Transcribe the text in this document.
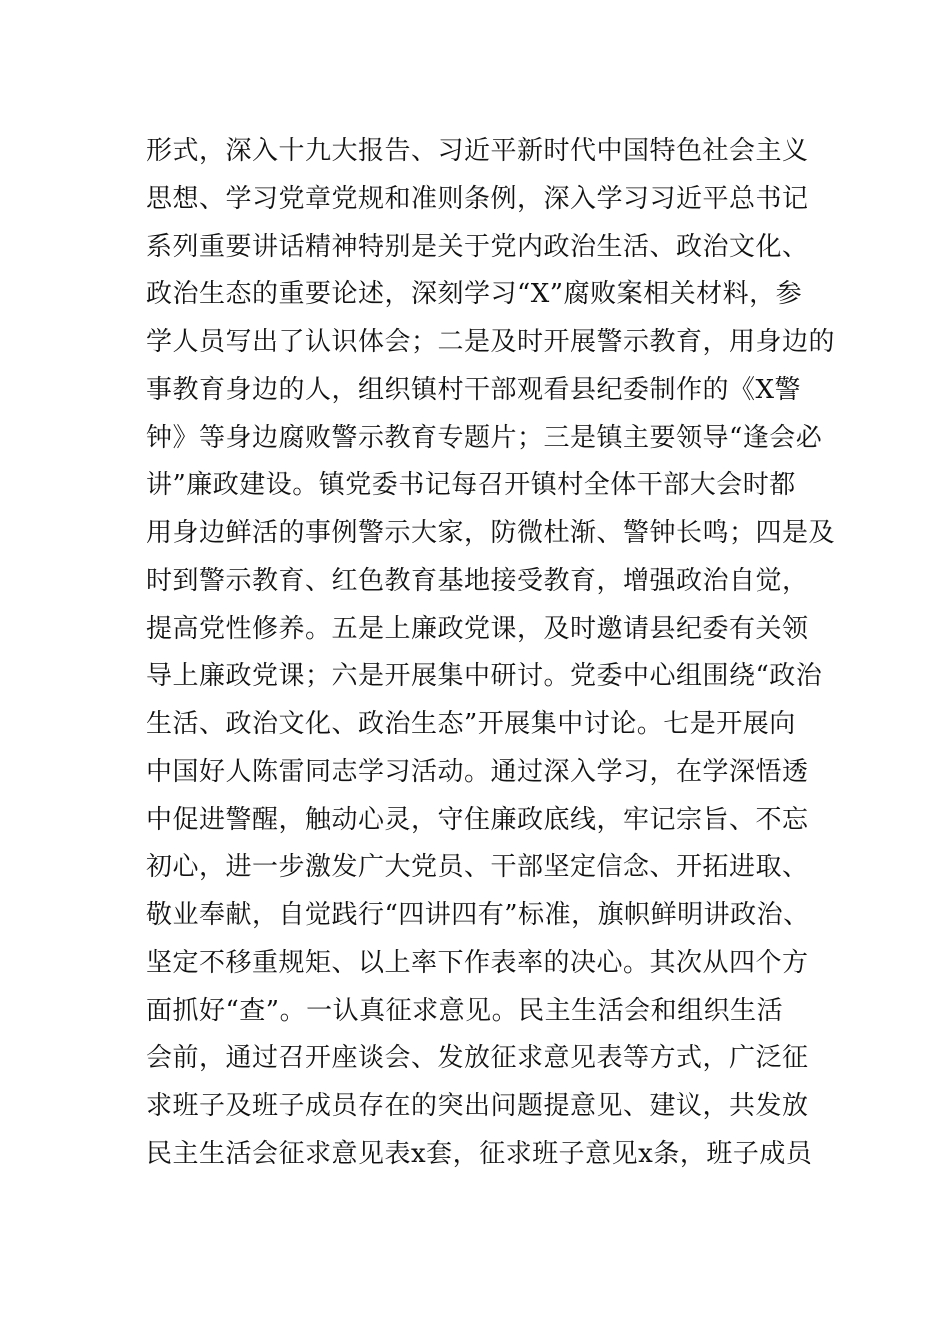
形式，深入十九大报告、习近平新时代中国特色社会主义
思想、学习党章党规和准则条例，深入学习习近平总书记
系列重要讲话精神特别是关于党内政治生活、政治文化、
政治生态的重要论述，深刻学习“X”腐败案相关材料，参
学人员写出了认识体会；二是及时开展警示教育，用身边的
事教育身边的人，组织镇村干部观看县纪委制作的《X警
钟》等身边腐败警示教育专题片；三是镇主要领导“逢会必
讲”廉政建设。镇党委书记每召开镇村全体干部大会时都
用身边鲜活的事例警示大家，防微杜渐、警钟长鸣；四是及
时到警示教育、红色教育基地接受教育，增强政治自觉，
提高党性修养。五是上廉政党课，及时邀请县纪委有关领
导上廉政党课；六是开展集中研讨。党委中心组围绕“政治
生活、政治文化、政治生态”开展集中讨论。七是开展向
中国好人陈雷同志学习活动。通过深入学习，在学深悟透
中促进警醒，触动心灵，守住廉政底线，牢记宗旨、不忘
初心，进一步激发广大党员、干部坚定信念、开拓进取、
敬业奉献，自觉践行“四讲四有”标准，旗帜鲜明讲政治、
坚定不移重规矩、以上率下作表率的决心。其次从四个方
面抓好“查”。一认真征求意见。民主生活会和组织生活
会前，通过召开座谈会、发放征求意见表等方式，广泛征
求班子及班子成员存在的突出问题提意见、建议，共发放
民主生活会征求意见表x套，征求班子意见x条，班子成员
